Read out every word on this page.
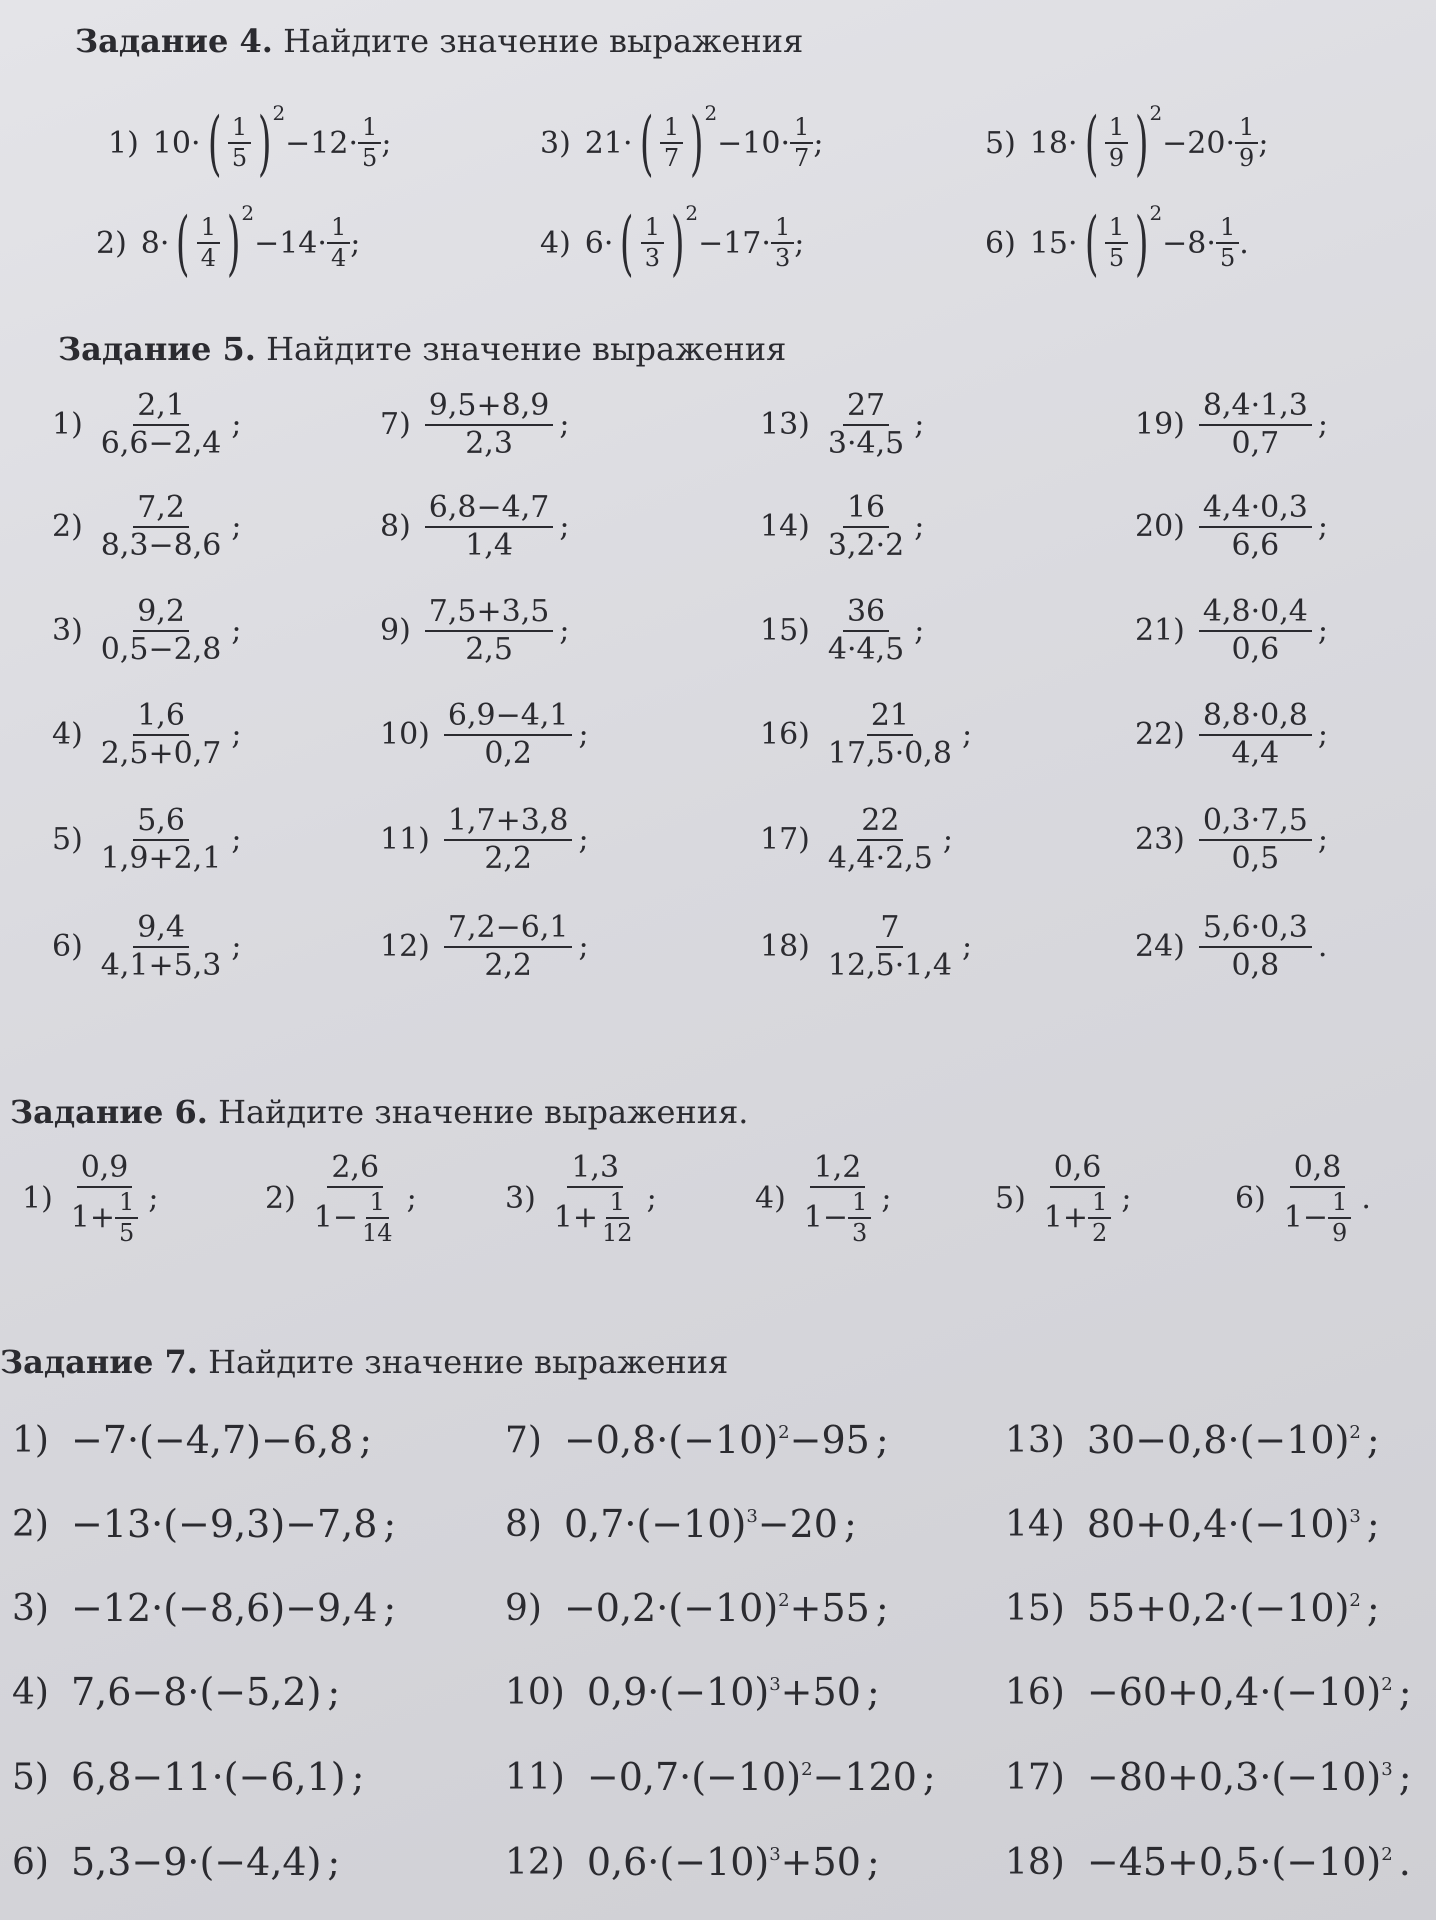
Задание 4. Найдите значение выражения
1) 10 · ( $\frac{1}{5}$ ) 2
$-12 \cdot \frac{1}{5}$ ;
2) 8 · ( $\frac{1}{4}$ ) 2
$-14 \cdot \frac{1}{4}$ ;
3) 21 · ( $\frac{1}{7}$ ) 2
$-10 \cdot \frac{1}{7}$ ;
4) 6 · ( $\frac{1}{3}$ ) 2
$-17 \cdot \frac{1}{3}$ ;
5) 18 · ( $\frac{1}{9}$ ) 2
$-20 \cdot \frac{1}{9}$ ;
6) 15 · ( $\frac{1}{5}$ ) 2
$-8 \cdot \frac{1}{5}$ .
Задание 5. Найдите значение выражения
$1) \frac{2,1}{6,6-2,4}$ ;
$2) \frac{7,2}{8,3-8,6}$ ;
$3) \frac{9,2}{0,5-2,8}$ ;
$4) \frac{1,6}{2,5+0,7}$ ;
$5) \frac{5,6}{1,9+2,1}$ ;
$6) \frac{9,4}{4,1+5,3}$ ;
$7) \frac{9,5+8,9}{2,3}$ ;
$8) \frac{6,8-4,7}{1,4}$ ;
$9) \frac{7,5+3,5}{2,5}$ ;
$10) \frac{6,9-4,1}{0,2}$ ;
$11) \frac{1,7+3,8}{2,2}$ ;
$12) \frac{7,2-6,1}{2,2}$ ;
$13) \frac{27}{3\cdot 4,5}$ ;
$14) \frac{16}{3,2\cdot 2}$ ;
$15) \frac{36}{4\cdot 4,5}$ ;
$16) \frac{21}{17,5\cdot 0,8}$ ;
$17) \frac{22}{4,4\cdot 2,5}$ ;
$18) \frac{7}{12,5\cdot 1,4}$ ;
$19) \frac{8,4\cdot 1,3}{0,7}$ ;
$20) \frac{4,4\cdot 0,3}{6,6}$ ;
$21) \frac{4,8\cdot 0,4}{0,6}$ ;
$22) \frac{8,8\cdot 0,8}{4,4}$ ;
$23) \frac{0,3\cdot 7,5}{0,5}$ ;
$24) \frac{5,6\cdot 0,3}{0,8}$ .
Задание 6. Найдите значение выражения.
$1) \frac{0,9}{1+ \frac{1}{5}}$ ;	$2) \frac{2,6}{1- \frac{1}{14}}$ ;	$3) \frac{1,3}{1+ \frac{1}{12}}$ ;	$4) \frac{1,2}{1- \frac{1}{3}}$ ;	$5) \frac{0,6}{1+ \frac{1}{2}}$ ;	$6) \frac{0,8}{1- \frac{1}{9}}$ .
Задание 7. Найдите значение выражения
1) −7·(−4,7)−6,8 ;
2) −13·(−9,3)−7,8 ;
3) −12·(−8,6)−9,4 ;
4) 7,6−8·(−5,2) ;
5) 6,8−11·(−6,1) ;
6) 5,3−9·(−4,4) ;
$7) -0,8\cdot(-10)^2 -95$ ;
8) $0,7\cdot(-10)^3 -20$ ;
$9) -0,2\cdot(-10)^2 +55$ ;
10) $0,9\cdot(-10)^3 +50$ ;
$11) -0,7\cdot(-10)^2 -120$ ;
12) $0,6\cdot(-10)^3 +50$ ;
13) $30-0,8\cdot(-10)^2$ ;
14) $80+0,4\cdot(-10)^3$ ;
15) $55+0,2\cdot(-10)^2$ ;
$16) -60+0,4\cdot(-10)^2$ ;
$17) -80+0,3\cdot(-10)^3$ ;
$18) -45+0,5\cdot(-10)^2$ .
